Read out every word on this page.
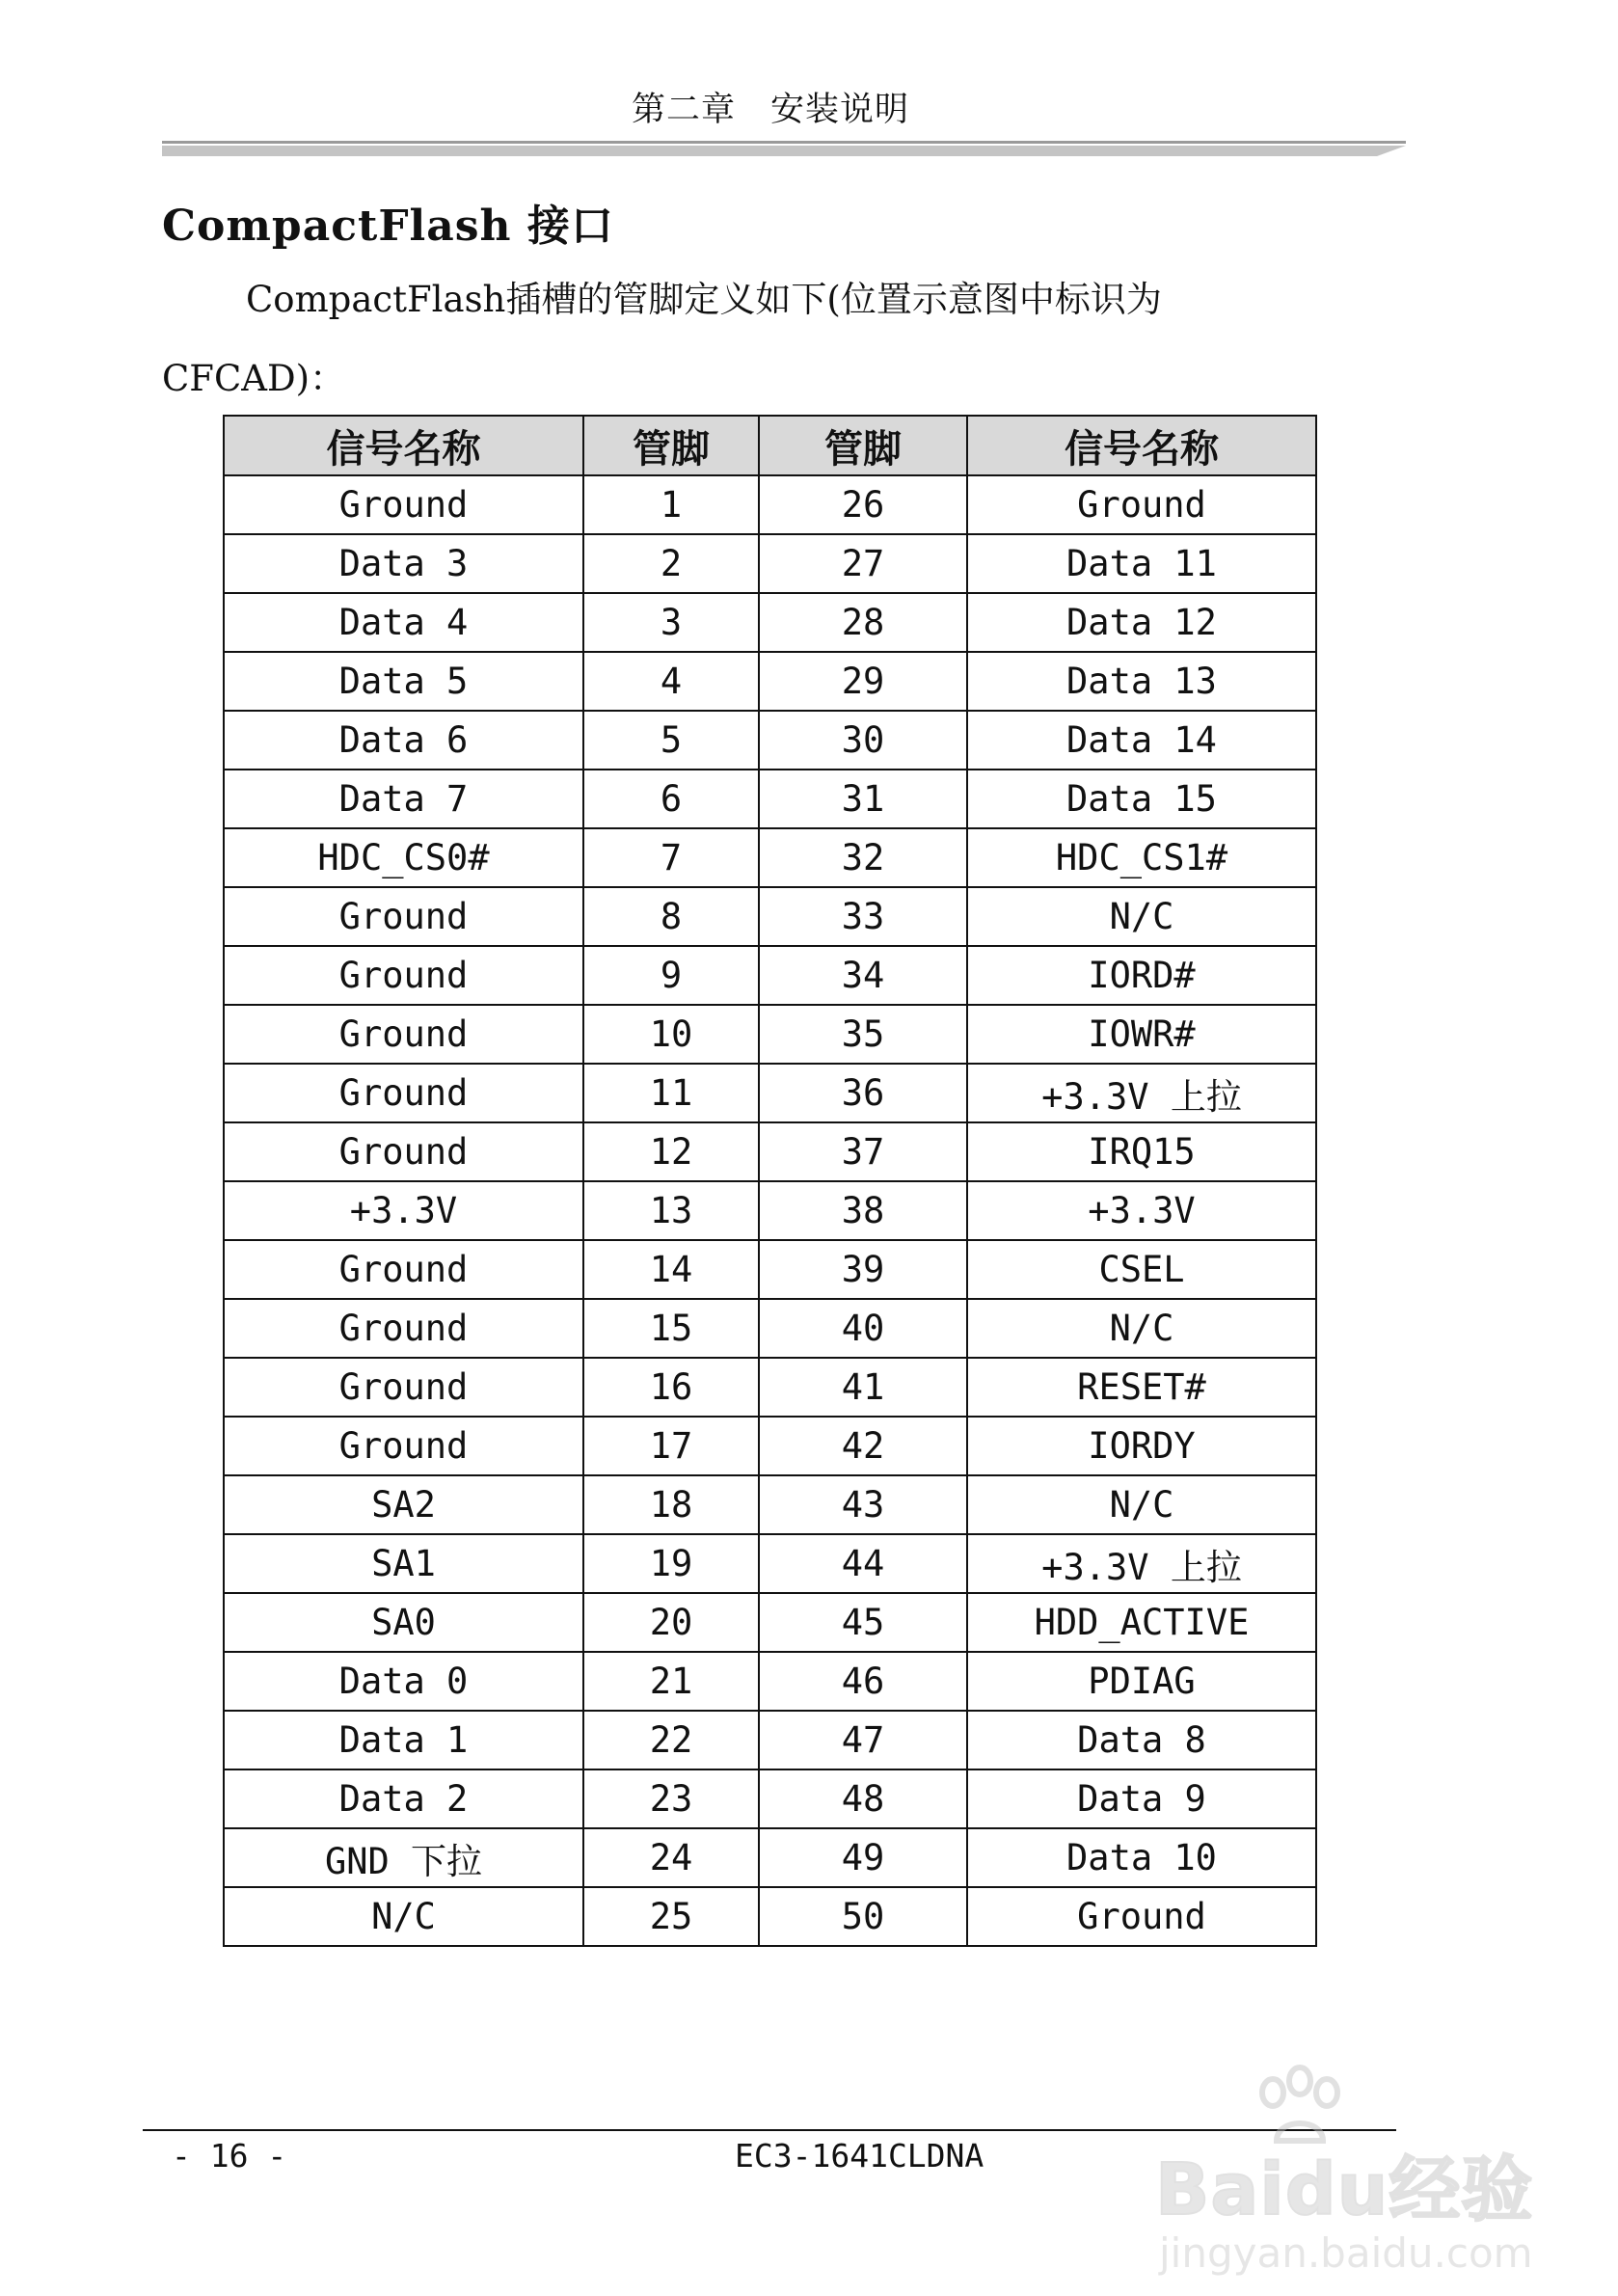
第二章　安装说明
CompactFlash 接口
CompactFlash插槽的管脚定义如下(位置示意图中标识为
CFCAD)：
信号名称	管脚	管脚	信号名称
Ground	1	26	Ground
Data 3	2	27	Data 11
Data 4	3	28	Data 12
Data 5	4	29	Data 13
Data 6	5	30	Data 14
Data 7	6	31	Data 15
HDC_CS0#	7	32	HDC_CS1#
Ground	8	33	N/C
Ground	9	34	IORD#
Ground	10	35	IOWR#
Ground	11	36	+3.3V 上拉
Ground	12	37	IRQ15
+3.3V	13	38	+3.3V
Ground	14	39	CSEL
Ground	15	40	N/C
Ground	16	41	RESET#
Ground	17	42	IORDY
SA2	18	43	N/C
SA1	19	44	+3.3V 上拉
SA0	20	45	HDD_ACTIVE
Data 0	21	46	PDIAG
Data 1	22	47	Data 8
Data 2	23	48	Data 9
GND 下拉	24	49	Data 10
N/C	25	50	Ground
- 16 -	EC3-1641CLDNA Baidu经验
jingyan.baidu.com
